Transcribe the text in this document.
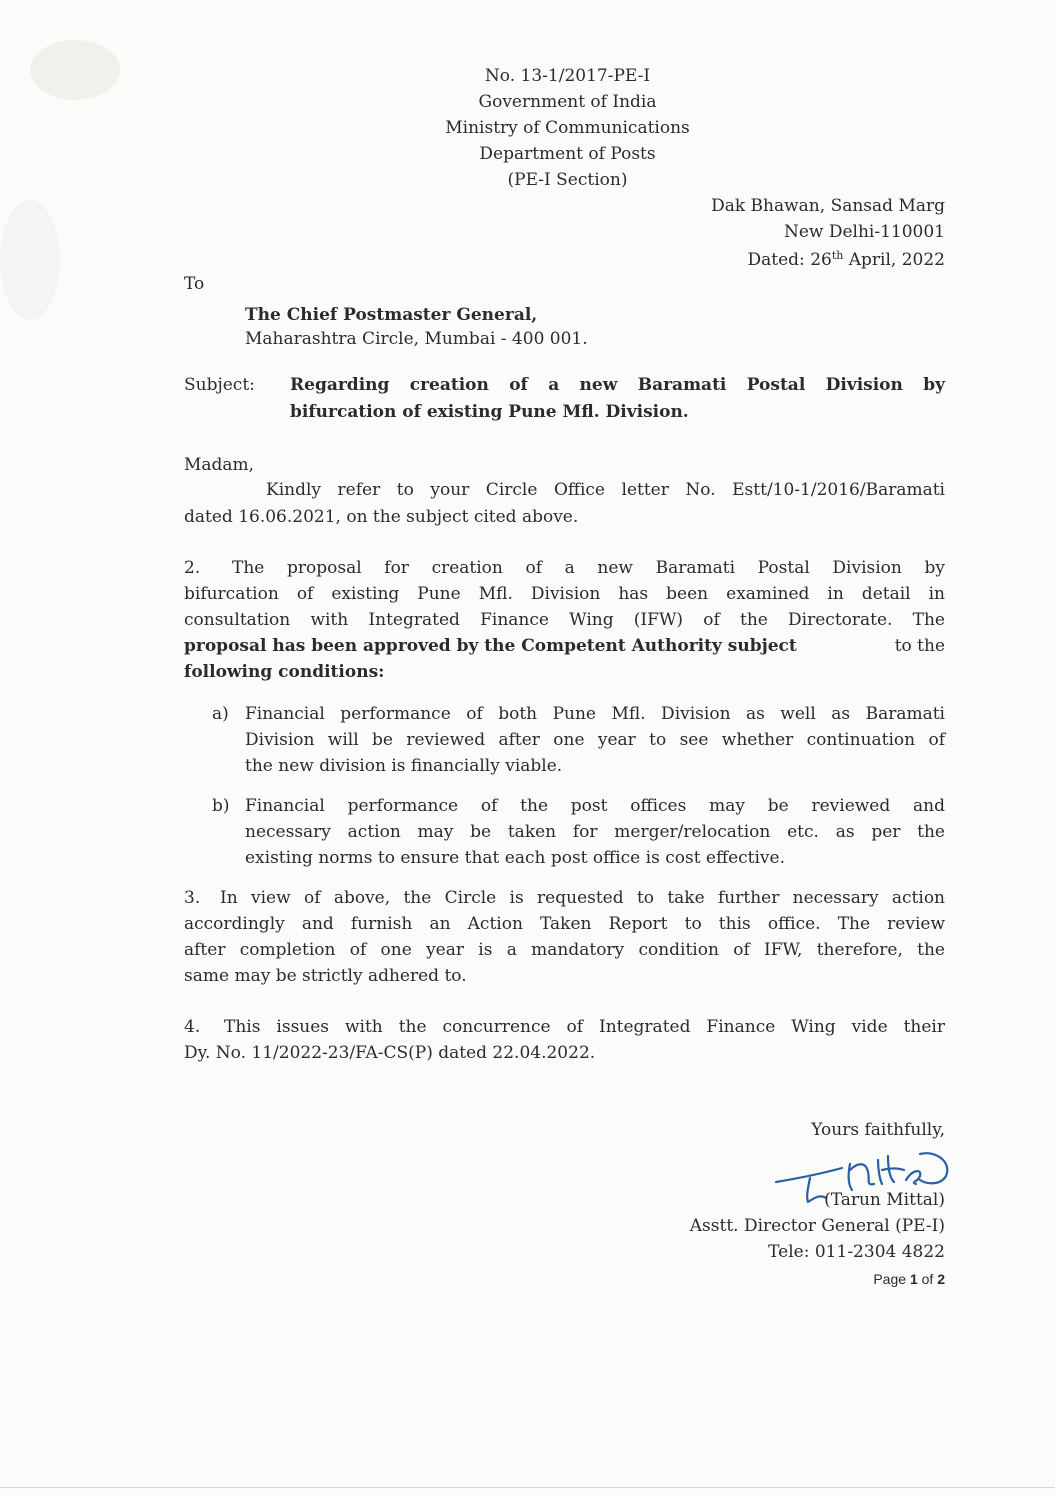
No. 13-1/2017-PE-I
Government of India
Ministry of Communications
Department of Posts
(PE-I Section)
Dak Bhawan, Sansad Marg
New Delhi-110001
Dated: 26th April, 2022
To
The Chief Postmaster General,
Maharashtra Circle, Mumbai - 400 001.
Subject: Regarding creation of a new Baramati Postal Division by
bifurcation of existing Pune Mfl. Division.
Madam,
Kindly refer to your Circle Office letter No. Estt/10-1/2016/Baramati
dated 16.06.2021, on the subject cited above.
2. The proposal for creation of a new Baramati Postal Division by
bifurcation of existing Pune Mfl. Division has been examined in detail in
consultation with Integrated Finance Wing (IFW) of the Directorate. The
proposal has been approved by the Competent Authority subject	to the
following conditions:
a) Financial performance of both Pune Mfl. Division as well as Baramati
Division will be reviewed after one year to see whether continuation of
the new division is financially viable.
b) Financial performance of the post offices may be reviewed and
necessary action may be taken for merger/relocation etc. as per the
existing norms to ensure that each post office is cost effective.
3. In view of above, the Circle is requested to take further necessary action
accordingly and furnish an Action Taken Report to this office. The review
after completion of one year is a mandatory condition of IFW, therefore, the
same may be strictly adhered to.
4. This issues with the concurrence of Integrated Finance Wing vide their
Dy. No. 11/2022-23/FA-CS(P) dated 22.04.2022.
Yours faithfully,
(Tarun Mittal)
Asstt. Director General (PE-I)
Tele: 011-2304 4822
Page 1 of 2
